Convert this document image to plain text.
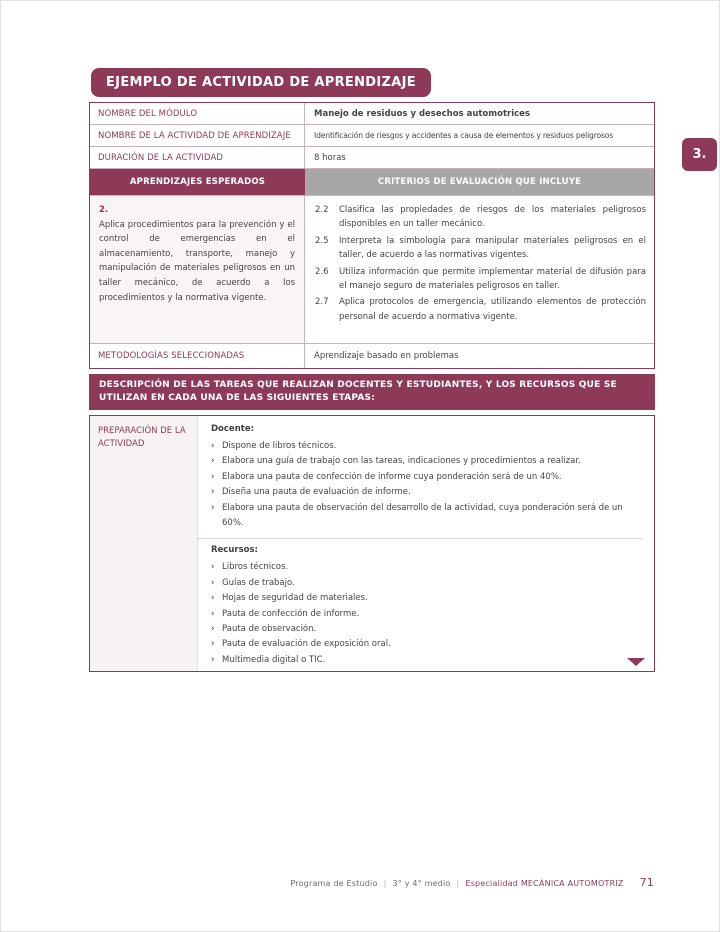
EJEMPLO DE ACTIVIDAD DE APRENDIZAJE
NOMBRE DEL MÓDULO	Manejo de residuos y desechos automotrices
NOMBRE DE LA ACTIVIDAD DE APRENDIZAJE	Identificación de riesgos y accidentes a causa de elementos y residuos peligrosos
DURACIÓN DE LA ACTIVIDAD	8 horas
APRENDIZAJES ESPERADOS	CRITERIOS DE EVALUACIÓN QUE INCLUYE
2.
Aplica procedimientos para la prevención y el control de emergencias en el almacenamiento, transporte, manejo y manipulación de materiales peligrosos en un taller mecánico, de acuerdo a los procedimientos y la normativa vigente.
2.2	Clasifica las propiedades de riesgos de los materiales peligrosos disponibles en un taller mecánico.
2.5	Interpreta la simbología para manipular materiales peligrosos en el taller, de acuerdo a las normativas vigentes.
2.6	Utiliza información que permite implementar material de difusión para el manejo seguro de materiales peligrosos en taller.
2.7	Aplica protocolos de emergencia, utilizando elementos de protección personal de acuerdo a normativa vigente.
METODOLOGÍAS SELECCIONADAS	Aprendizaje basado en problemas
DESCRIPCIÓN DE LAS TAREAS QUE REALIZAN DOCENTES Y ESTUDIANTES, Y LOS RECURSOS QUE SE UTILIZAN EN CADA UNA DE LAS SIGUIENTES ETAPAS:
PREPARACIÓN DE LA ACTIVIDAD
Docente:
› Dispone de libros técnicos.
› Elabora una guía de trabajo con las tareas, indicaciones y procedimientos a realizar.
› Elabora una pauta de confección de informe cuya ponderación será de un 40%.
› Diseña una pauta de evaluación de informe.
› Elabora una pauta de observación del desarrollo de la actividad, cuya ponderación será de un 60%.
Recursos:
› Libros técnicos.
› Guías de trabajo.
› Hojas de seguridad de materiales.
› Pauta de confección de informe.
› Pauta de observación.
› Pauta de evaluación de exposición oral.
› Multimedia digital o TIC.
3.
Programa de Estudio | 3° y 4° medio | Especialidad MECÁNICA AUTOMOTRIZ 71
